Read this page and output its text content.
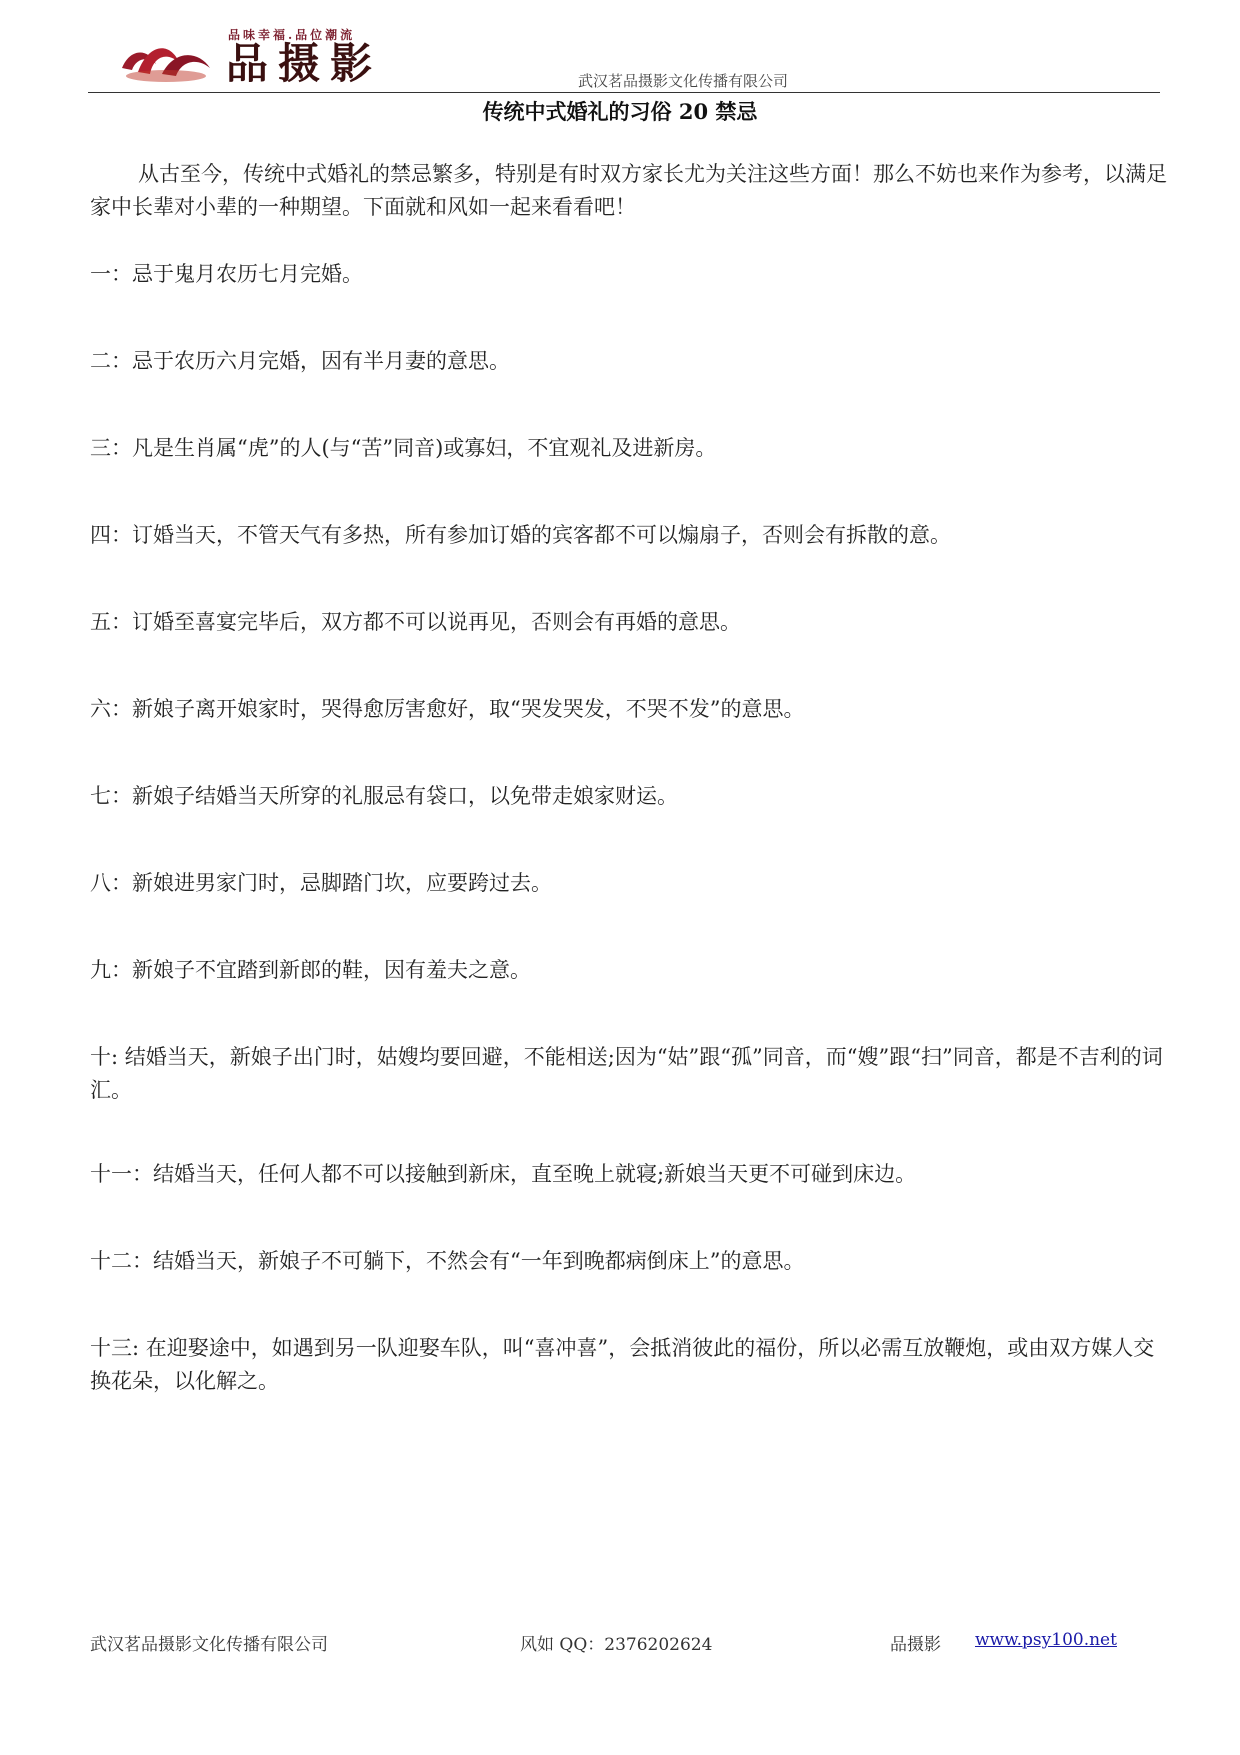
品味幸福.品位潮流
品摄影	武汉茗品摄影文化传播有限公司
传统中式婚礼的习俗 20 禁忌

从古至今，传统中式婚礼的禁忌繁多，特别是有时双方家长尤为关注这些方面！那么不妨也来作为参考，以满足家中长辈对小辈的一种期望。下面就和风如一起来看看吧！

一：忌于鬼月农历七月完婚。

二：忌于农历六月完婚，因有半月妻的意思。

三：凡是生肖属“虎”的人(与“苦”同音)或寡妇，不宜观礼及进新房。

四：订婚当天，不管天气有多热，所有参加订婚的宾客都不可以煽扇子，否则会有拆散的意。

五：订婚至喜宴完毕后，双方都不可以说再见，否则会有再婚的意思。

六：新娘子离开娘家时，哭得愈厉害愈好，取“哭发哭发，不哭不发”的意思。

七：新娘子结婚当天所穿的礼服忌有袋口，以免带走娘家财运。

八：新娘进男家门时，忌脚踏门坎，应要跨过去。

九：新娘子不宜踏到新郎的鞋，因有羞夫之意。

十: 结婚当天，新娘子出门时，姑嫂均要回避，不能相送;因为“姑”跟“孤”同音，而“嫂”跟“扫”同音，都是不吉利的词汇。

十一：结婚当天，任何人都不可以接触到新床，直至晚上就寝;新娘当天更不可碰到床边。

十二：结婚当天，新娘子不可躺下，不然会有“一年到晚都病倒床上”的意思。

十三: 在迎娶途中，如遇到另一队迎娶车队，叫“喜冲喜”，会抵消彼此的福份，所以必需互放鞭炮，或由双方媒人交换花朵，以化解之。

武汉茗品摄影文化传播有限公司	风如 QQ：2376202624	品摄影 www.psy100.net
